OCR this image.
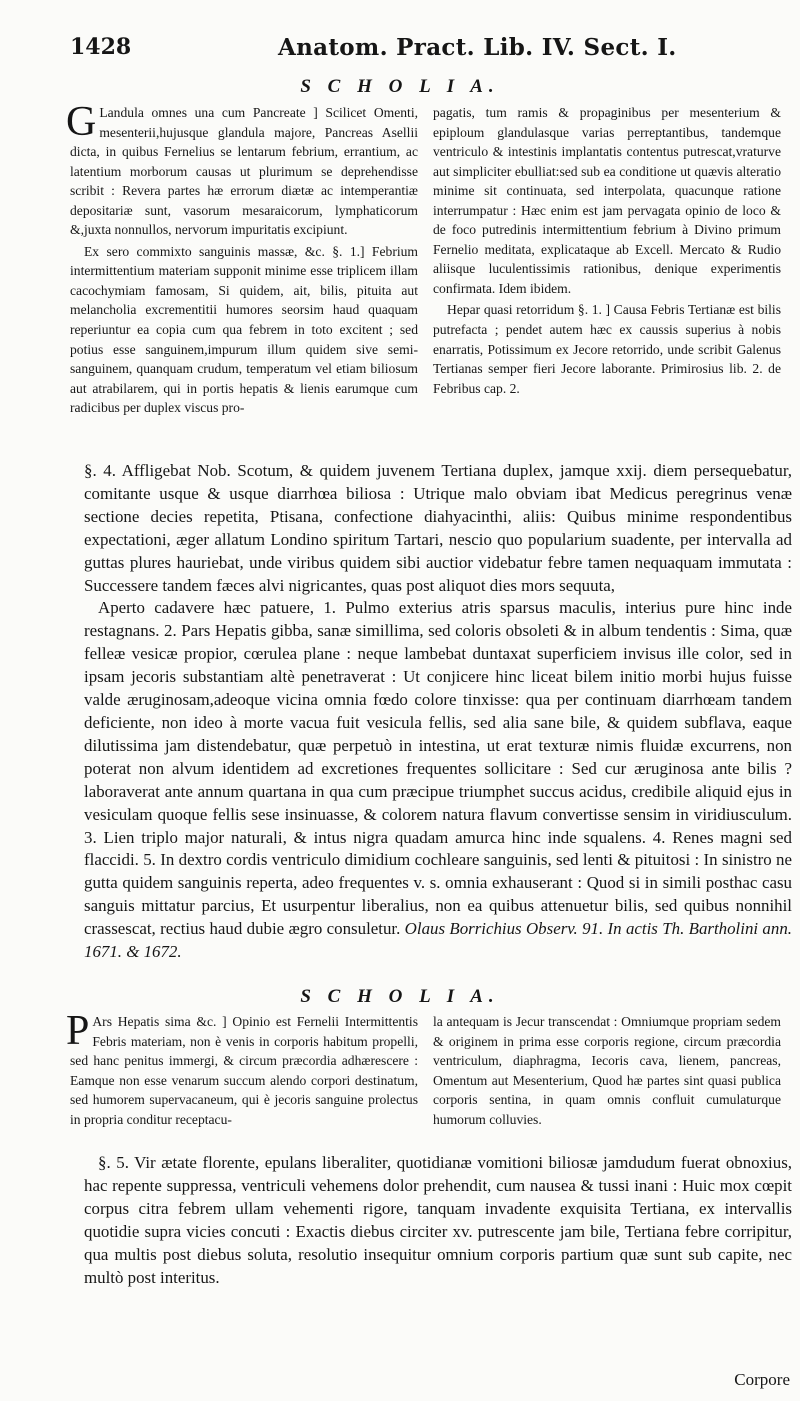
1428	Anatom. Pract. Lib. IV. Sect. I.
S C H O L I A.

G Landula omnes una cum Pancreate ] Scilicet Omenti, mesenterii,hujusque glandula majore, Pancreas Asellii dicta, in quibus Fernelius se lentarum febrium, errantium, ac latentium morborum causas ut plurimum se deprehendisse scribit : Revera partes hæ errorum diætæ ac intemperantiæ depositariæ sunt, vasorum mesaraicorum, lymphaticorum &,juxta nonnullos, nervorum impuritatis excipiunt.

Ex sero commixto sanguinis massæ, &c. §. 1.] Febrium intermittentium materiam supponit minime esse triplicem illam cacochymiam famosam, Si quidem, ait, bilis, pituita aut melancholia excrementitii humores seorsim haud quaquam reperiuntur ea copia cum qua febrem in toto excitent ; sed potius esse sanguinem,impurum illum quidem sive semi-sanguinem, quanquam crudum, temperatum vel etiam biliosum aut atrabilarem, qui in portis hepatis & lienis earumque cum radicibus per duplex viscus pro-

pagatis, tum ramis & propaginibus per mesenterium & epiploum glandulasque varias perreptantibus, tandemque ventriculo & intestinis implantatis contentus putrescat,vraturve aut simpliciter ebulliat:sed sub ea conditione ut quævis alteratio minime sit continuata, sed interpolata, quacunque ratione interrumpatur : Hæc enim est jam pervagata opinio de loco & de foco putredinis intermittentium febrium à Divino primum Fernelio meditata, explicataque ab Excell. Mercato & Rudio aliisque luculentissimis rationibus, denique experimentis confirmata. Idem ibidem.

Hepar quasi retorridum §. 1. ] Causa Febris Tertianæ est bilis putrefacta ; pendet autem hæc ex caussis superius à nobis enarratis, Potissimum ex Jecore retorrido, unde scribit Galenus Tertianas semper fieri Jecore laborante. Primirosius lib. 2. de Febribus cap. 2.

§. 4. Affligebat Nob. Scotum, & quidem juvenem Tertiana duplex, jamque xxij. diem persequebatur, comitante usque & usque diarrhœa biliosa : Utrique malo obviam ibat Medicus peregrinus venæ sectione decies repetita, Ptisana, confectione diahyacinthi, aliis: Quibus minime respondentibus expectationi, æger allatum Londino spiritum Tartari, nescio quo popularium suadente, per intervalla ad guttas plures hauriebat, unde viribus quidem sibi auctior videbatur febre tamen nequaquam immutata : Successere tandem fæces alvi nigricantes, quas post aliquot dies mors sequuta,

Aperto cadavere hæc patuere, 1. Pulmo exterius atris sparsus maculis, interius pure hinc inde restagnans. 2. Pars Hepatis gibba, sanæ simillima, sed coloris obsoleti & in album tendentis : Sima, quæ felleæ vesicæ propior, cœrulea plane : neque lambebat duntaxat superficiem invisus ille color, sed in ipsam jecoris substantiam altè penetraverat : Ut conjicere hinc liceat bilem initio morbi hujus fuisse valde æruginosam,adeoque vicina omnia fœdo colore tinxisse: qua per continuam diarrhœam tandem deficiente, non ideo à morte vacua fuit vesicula fellis, sed alia sane bile, & quidem subflava, eaque dilutissima jam distendebatur, quæ perpetuò in intestina, ut erat texturæ nimis fluidæ excurrens, non poterat non alvum identidem ad excretiones frequentes sollicitare : Sed cur æruginosa ante bilis ? laboraverat ante annum quartana in qua cum præcipue triumphet succus acidus, credibile aliquid ejus in vesiculam quoque fellis sese insinuasse, & colorem natura flavum convertisse sensim in viridiusculum. 3. Lien triplo major naturali, & intus nigra quadam amurca hinc inde squalens. 4. Renes magni sed flaccidi. 5. In dextro cordis ventriculo dimidium cochleare sanguinis, sed lenti & pituitosi : In sinistro ne gutta quidem sanguinis reperta, adeo frequentes v. s. omnia exhauserant : Quod si in simili posthac casu sanguis mittatur parcius, Et usurpentur liberalius, non ea quibus attenuetur bilis, sed quibus nonnihil crassescat, rectius haud dubie ægro consuletur. Olaus Borrichius Observ. 91. In actis Th. Bartholini ann. 1671. & 1672.

S C H O L I A.

P Ars Hepatis sima &c. ] Opinio est Fernelii Intermittentis Febris materiam, non è venis in corporis habitum propelli, sed hanc penitus immergi, & circum præcordia adhærescere : Eamque non esse venarum succum alendo corpori destinatum, sed humorem supervacaneum, qui è jecoris sanguine prolectus in propria conditur receptacu-

la antequam is Jecur transcendat : Omniumque propriam sedem & originem in prima esse corporis regione, circum præcordia ventriculum, diaphragma, Iecoris cava, lienem, pancreas, Omentum aut Mesenterium, Quod hæ partes sint quasi publica corporis sentina, in quam omnis confluit cumulaturque humorum colluvies.

§. 5. Vir ætate florente, epulans liberaliter, quotidianæ vomitioni biliosæ jamdudum fuerat obnoxius, hac repente suppressa, ventriculi vehemens dolor prehendit, cum nausea & tussi inani : Huic mox cœpit corpus citra febrem ullam vehementi rigore, tanquam invadente exquisita Tertiana, ex intervallis quotidie supra vicies concuti : Exactis diebus circiter xv. putrescente jam bile, Tertiana febre corripitur, qua multis post diebus soluta, resolutio insequitur omnium corporis partium quæ sunt sub capite, nec multò post interitus.

Corpore
